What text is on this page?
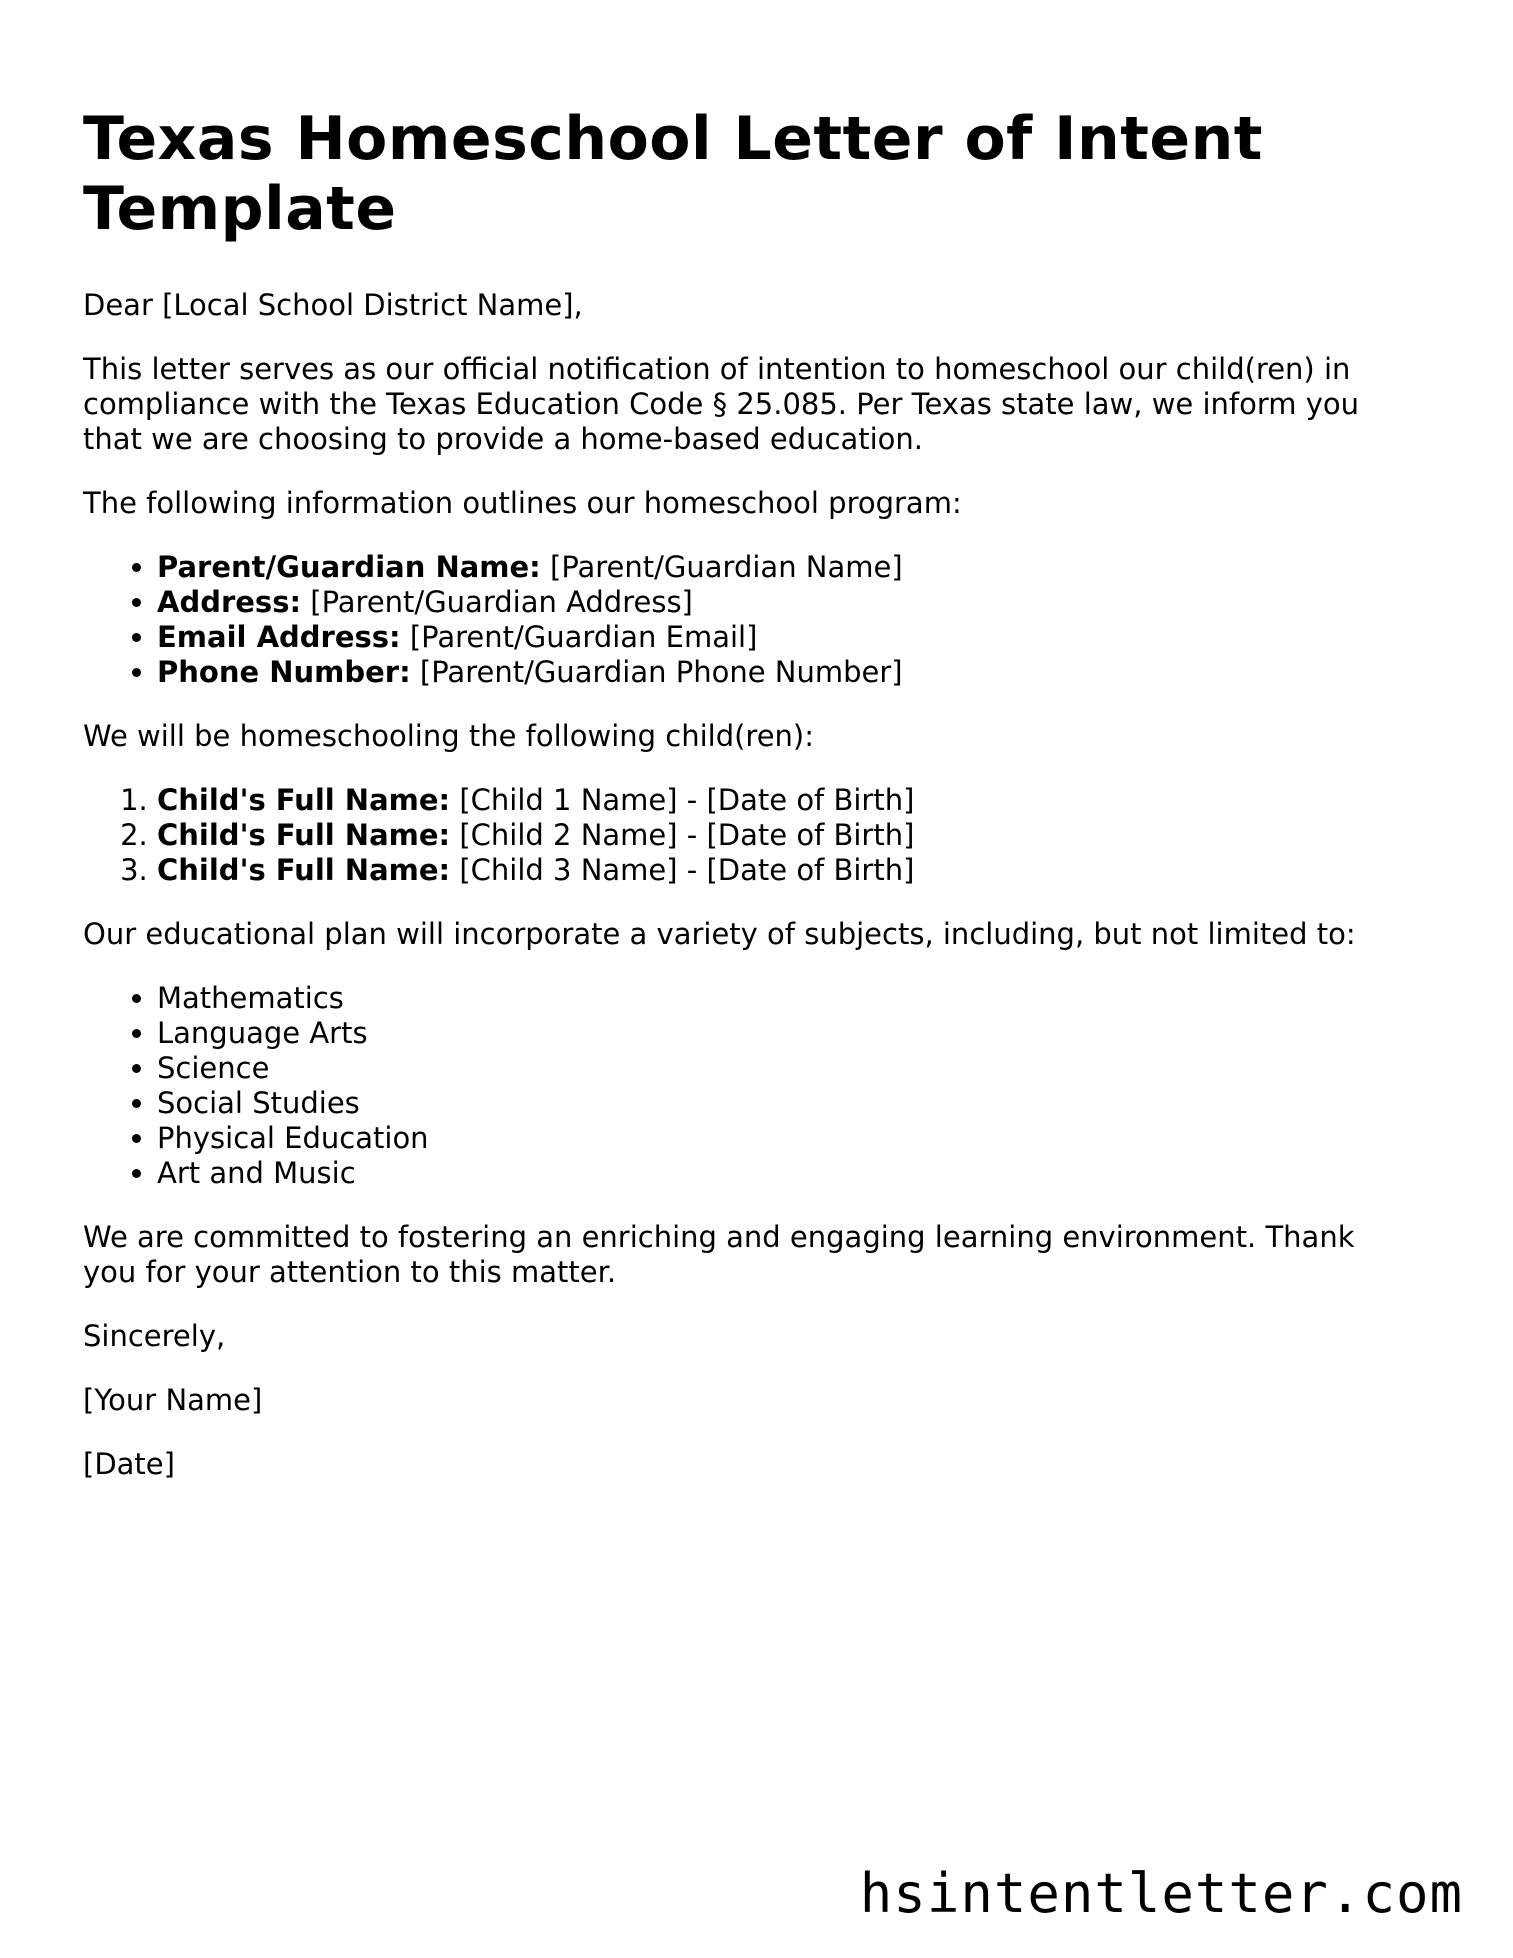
Texas Homeschool Letter of Intent Template

Dear [Local School District Name],

This letter serves as our official notification of intention to homeschool our child(ren) in compliance with the Texas Education Code § 25.085. Per Texas state law, we inform you that we are choosing to provide a home-based education.

The following information outlines our homeschool program:

• Parent/Guardian Name: [Parent/Guardian Name]
• Address: [Parent/Guardian Address]
• Email Address: [Parent/Guardian Email]
• Phone Number: [Parent/Guardian Phone Number]

We will be homeschooling the following child(ren):

1. Child's Full Name: [Child 1 Name] - [Date of Birth]
2. Child's Full Name: [Child 2 Name] - [Date of Birth]
3. Child's Full Name: [Child 3 Name] - [Date of Birth]

Our educational plan will incorporate a variety of subjects, including, but not limited to:

• Mathematics
• Language Arts
• Science
• Social Studies
• Physical Education
• Art and Music

We are committed to fostering an enriching and engaging learning environment. Thank you for your attention to this matter.

Sincerely,

[Your Name]

[Date]

hsintentletter.com
